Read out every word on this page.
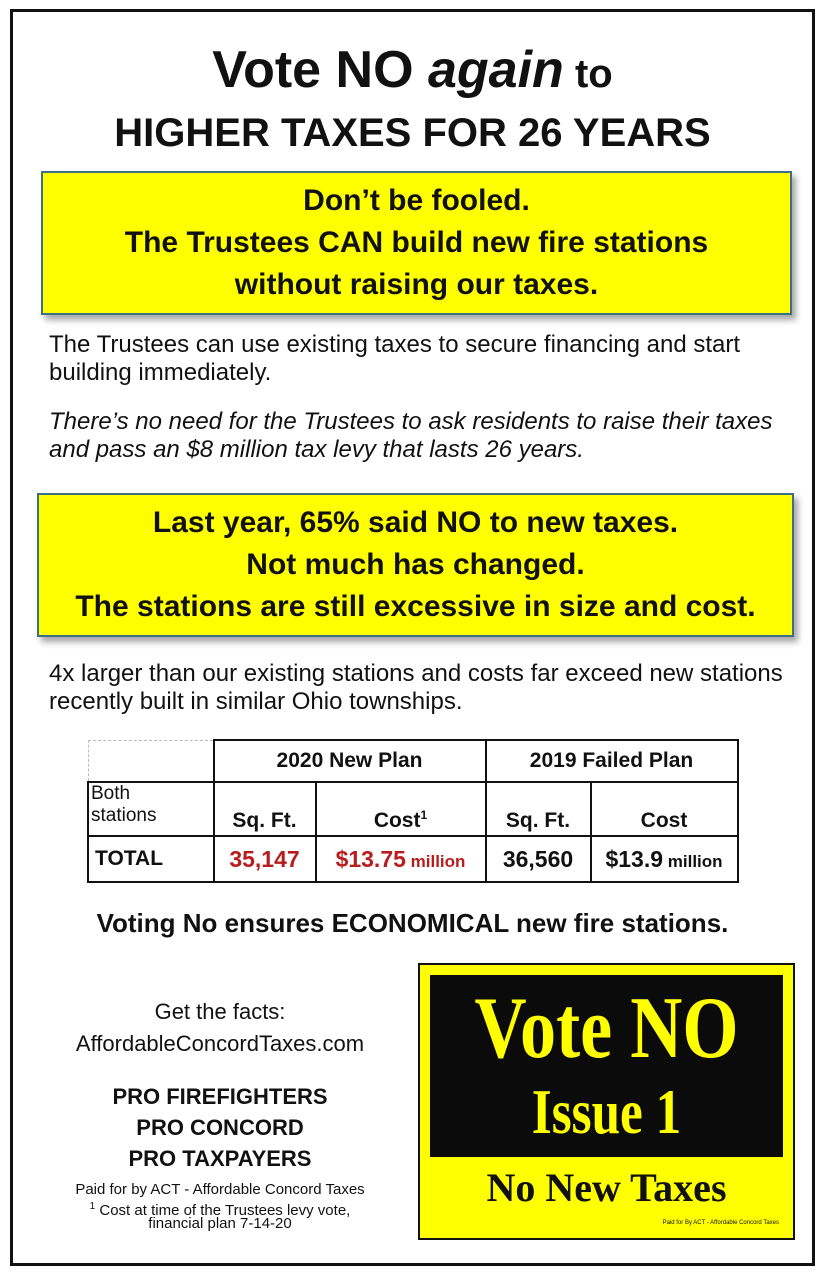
Vote NO again to
HIGHER TAXES FOR 26 YEARS
Don’t be fooled.
The Trustees CAN build new fire stations
without raising our taxes.
The Trustees can use existing taxes to secure financing and start building immediately.
There’s no need for the Trustees to ask residents to raise their taxes and pass an $8 million tax levy that lasts 26 years.
Last year, 65% said NO to new taxes.
Not much has changed.
The stations are still excessive in size and cost.
4x larger than our existing stations and costs far exceed new stations recently built in similar Ohio townships.
	2020 New Plan		2019 Failed Plan	
Both
stations	Sq. Ft.	Cost$^1$	Sq. Ft.	Cost
TOTAL	35,147	$13.75 million	36,560	$13.9 million
Voting No ensures ECONOMICAL new fire stations.
Get the facts:
AffordableConcordTaxes.com
PRO FIREFIGHTERS
PRO CONCORD
PRO TAXPAYERS
Paid for by ACT - Affordable Concord Taxes
$^1$ Cost at time of the Trustees levy vote,
financial plan 7-14-20
Vote NO
Issue 1
No New Taxes
Paid for By ACT - Affordable Concord Taxes
